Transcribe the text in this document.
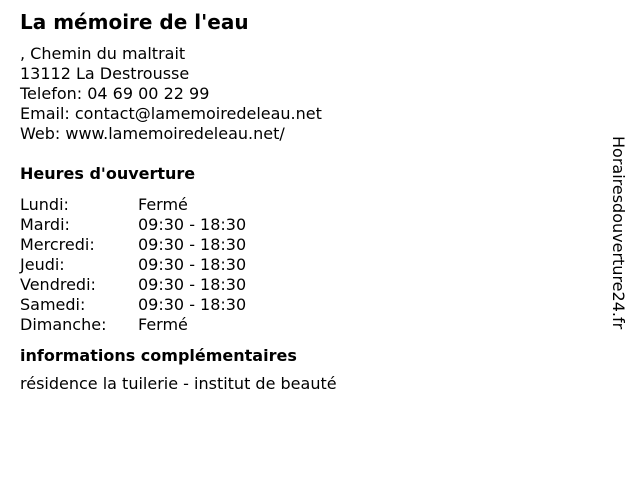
La mémoire de l'eau
, Chemin du maltrait
13112 La Destrousse
Telefon: 04 69 00 22 99
Email: contact@lamemoiredeleau.net
Web: www.lamemoiredeleau.net/
Heures d'ouverture
Lundi:	Fermé
Mardi:	09:30 - 18:30
Mercredi:	09:30 - 18:30
Jeudi:	09:30 - 18:30
Vendredi:	09:30 - 18:30
Samedi:	09:30 - 18:30
Dimanche:	Fermé
informations complémentaires
résidence la tuilerie - institut de beauté
Horairesdouverture24.fr
